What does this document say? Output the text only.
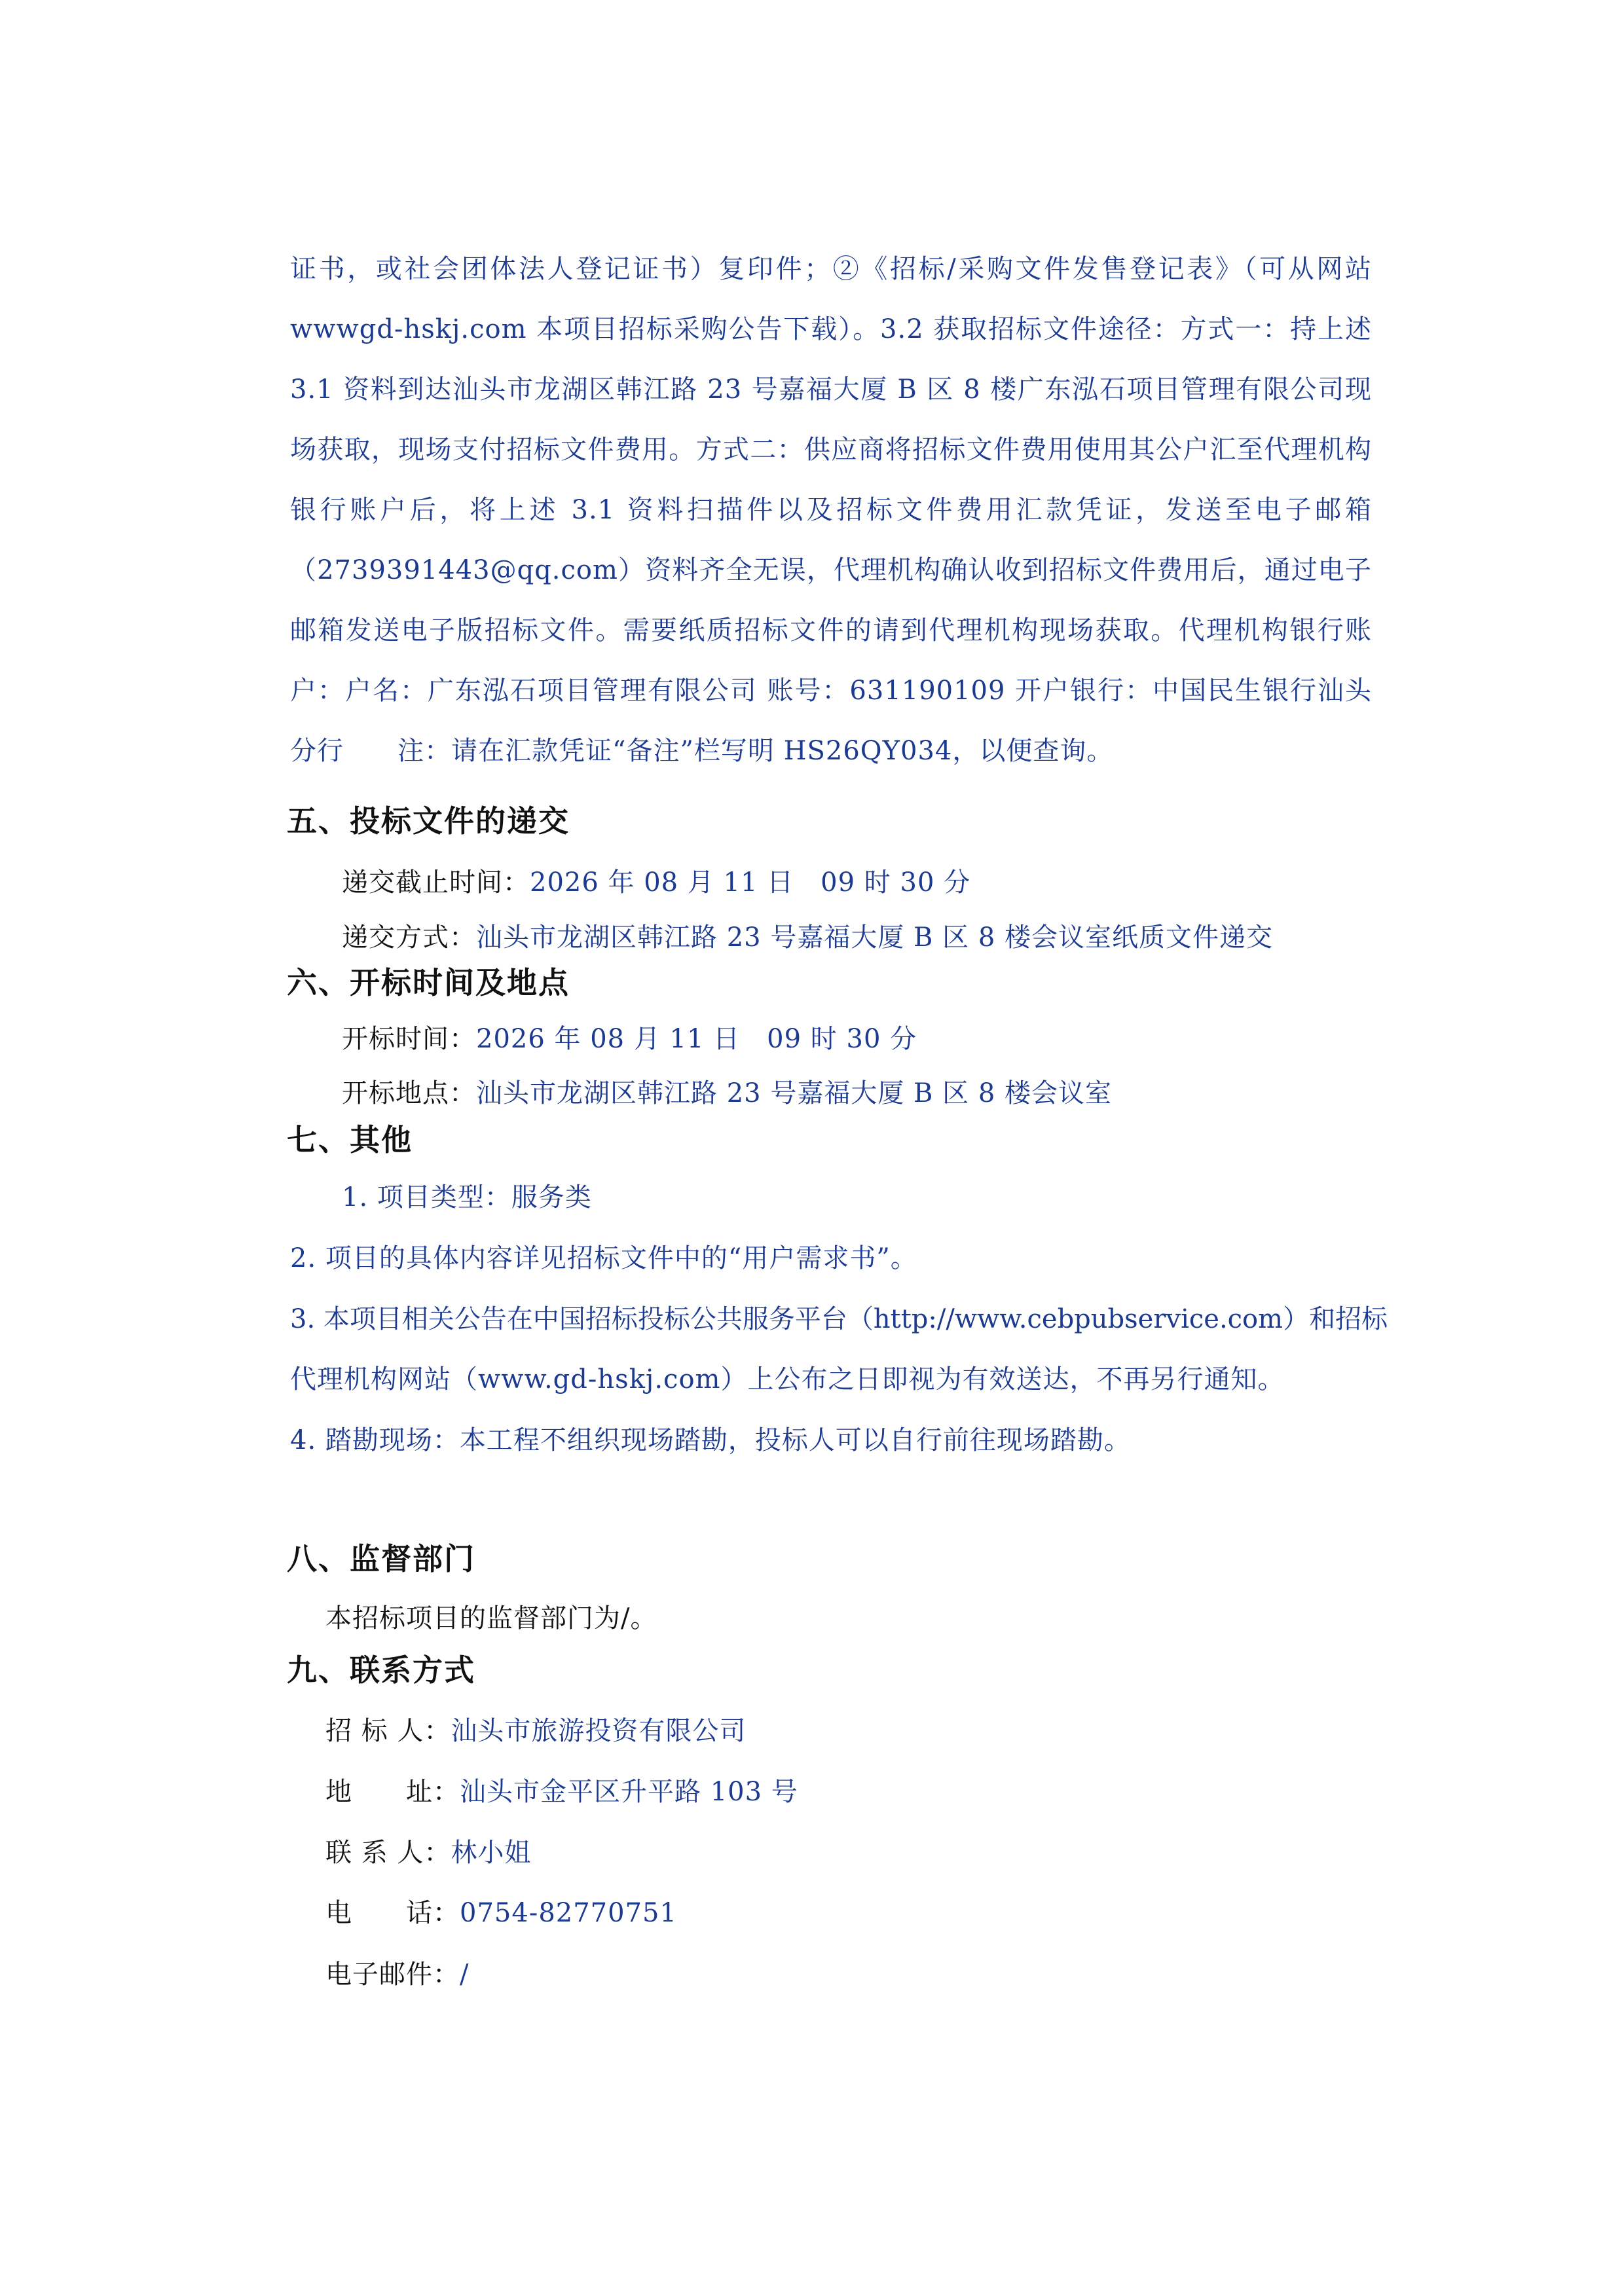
证书，或社会团体法人登记证书）复印件；②《招标/采购文件发售登记表》（可从网站 wwwgd-hskj.com 本项目招标采购公告下载）。3.2 获取招标文件途径：方式一：持上述 3.1 资料到达汕头市龙湖区韩江路 23 号嘉福大厦 B 区 8 楼广东泓石项目管理有限公司现场获取，现场支付招标文件费用。方式二：供应商将招标文件费用使用其公户汇至代理机构银行账户后，将上述 3.1 资料扫描件以及招标文件费用汇款凭证，发送至电子邮箱（2739391443@qq.com）资料齐全无误，代理机构确认收到招标文件费用后，通过电子邮箱发送电子版招标文件。需要纸质招标文件的请到代理机构现场获取。代理机构银行账户：户名：广东泓石项目管理有限公司 账号：631190109 开户银行：中国民生银行汕头分行　　注：请在汇款凭证“备注”栏写明 HS26QY034，以便查询。
五、投标文件的递交
递交截止时间：2026 年 08 月 11 日　09 时 30 分
递交方式：汕头市龙湖区韩江路 23 号嘉福大厦 B 区 8 楼会议室纸质文件递交
六、开标时间及地点
开标时间：2026 年 08 月 11 日　09 时 30 分
开标地点：汕头市龙湖区韩江路 23 号嘉福大厦 B 区 8 楼会议室
七、其他
1. 项目类型：服务类
2. 项目的具体内容详见招标文件中的“用户需求书”。
3. 本项目相关公告在中国招标投标公共服务平台（http://www.cebpubservice.com）和招标
代理机构网站（www.gd-hskj.com）上公布之日即视为有效送达，不再另行通知。
4. 踏勘现场：本工程不组织现场踏勘，投标人可以自行前往现场踏勘。
八、监督部门
本招标项目的监督部门为/。
九、联系方式
招 标 人：汕头市旅游投资有限公司
地　　址：汕头市金平区升平路 103 号
联 系 人：林小姐
电　　话：0754-82770751
电子邮件：/
